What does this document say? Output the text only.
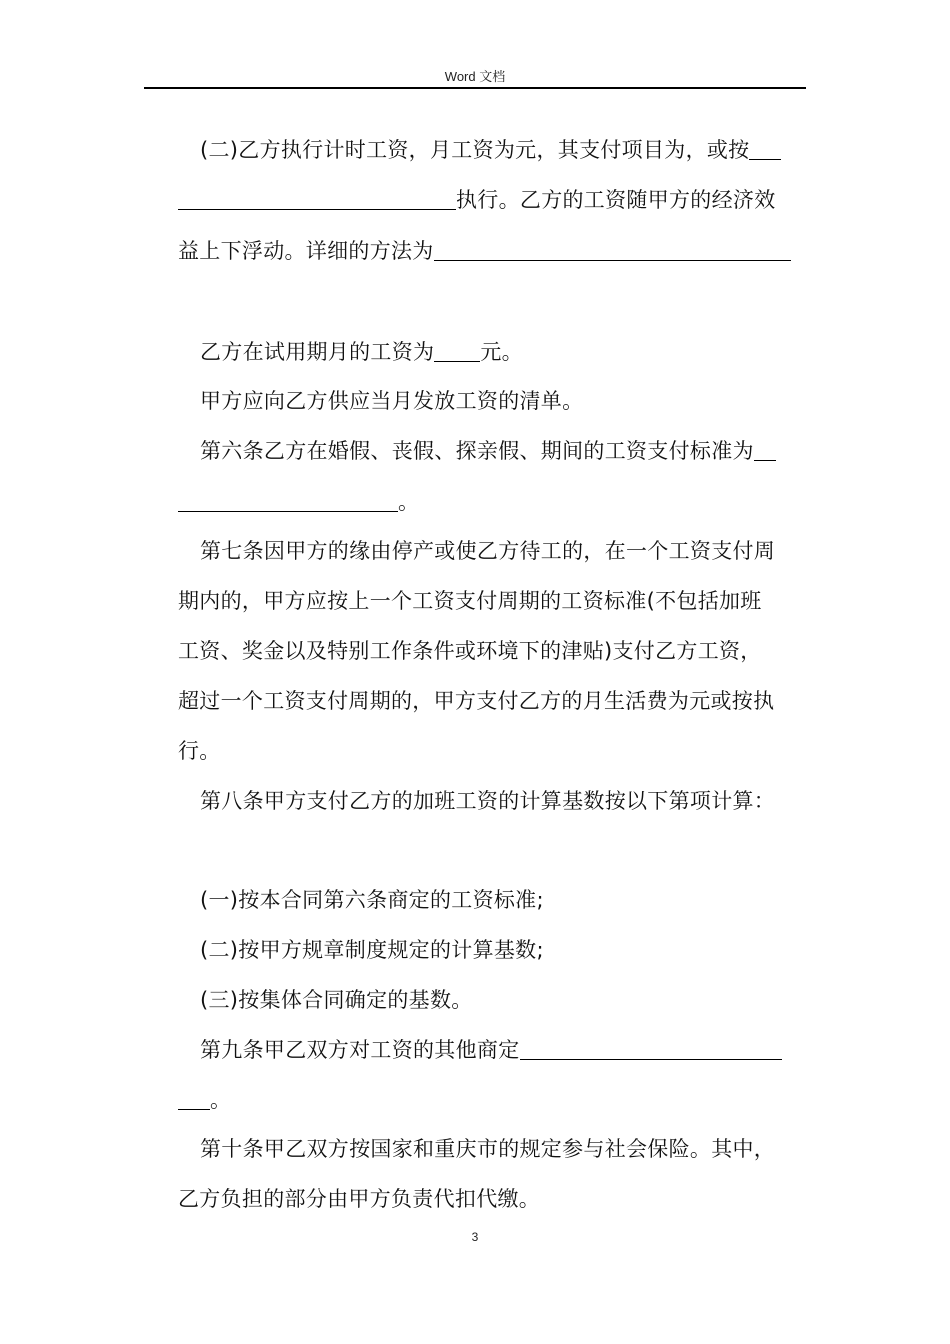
Word 文档
(二)乙方执行计时工资，月工资为元，其支付项目为，或按
执行。乙方的工资随甲方的经济效
益上下浮动。详细的方法为
乙方在试用期月的工资为 元。
甲方应向乙方供应当月发放工资的清单。
第六条乙方在婚假、丧假、探亲假、期间的工资支付标准为
。
第七条因甲方的缘由停产或使乙方待工的，在一个工资支付周
期内的，甲方应按上一个工资支付周期的工资标准(不包括加班
工资、奖金以及特别工作条件或环境下的津贴)支付乙方工资，
超过一个工资支付周期的，甲方支付乙方的月生活费为元或按执
行。
第八条甲方支付乙方的加班工资的计算基数按以下第项计算：
(一)按本合同第六条商定的工资标准;
(二)按甲方规章制度规定的计算基数;
(三)按集体合同确定的基数。
第九条甲乙双方对工资的其他商定
。
第十条甲乙双方按国家和重庆市的规定参与社会保险。其中，
乙方负担的部分由甲方负责代扣代缴。
3
